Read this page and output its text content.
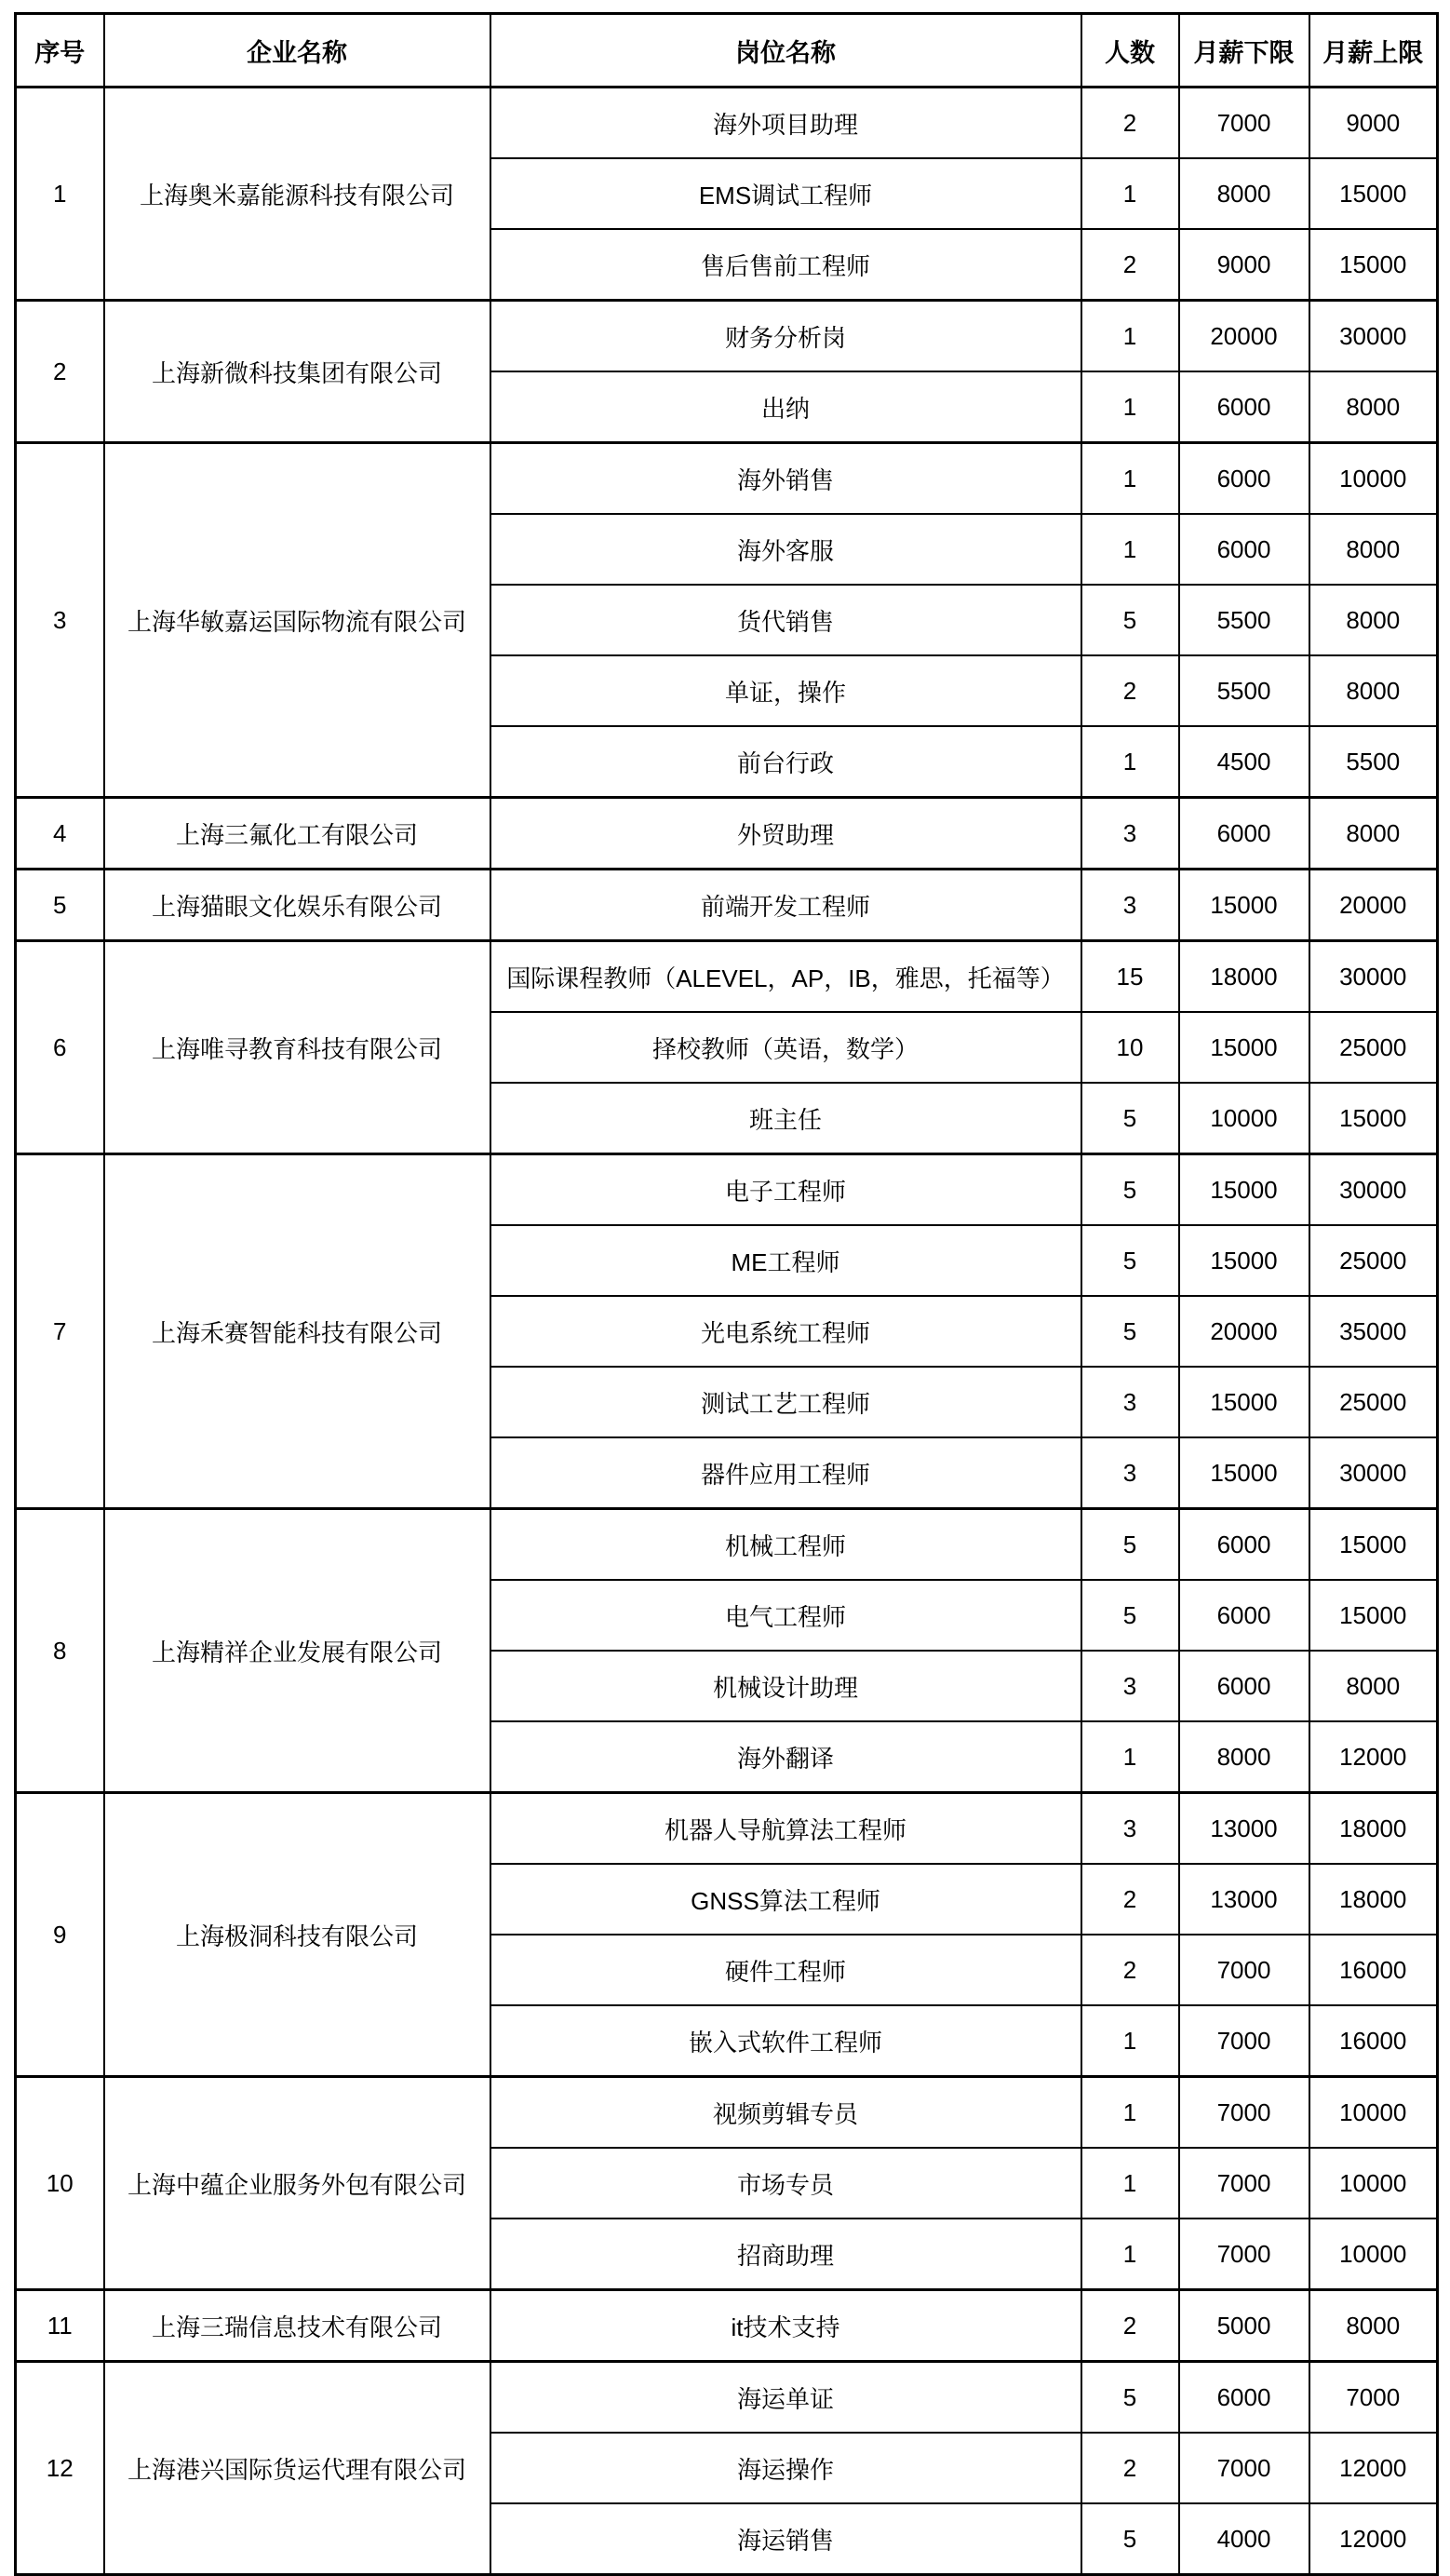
序号	企业名称	岗位名称	人数	月薪下限	月薪上限
1	上海奥米嘉能源科技有限公司	海外项目助理	2	7000	9000
		EMS调试工程师	1	8000	15000
		售后售前工程师	2	9000	15000
2	上海新微科技集团有限公司	财务分析岗	1	20000	30000
		出纳	1	6000	8000
3	上海华敏嘉运国际物流有限公司	海外销售	1	6000	10000
		海外客服	1	6000	8000
		货代销售	5	5500	8000
		单证，操作	2	5500	8000
		前台行政	1	4500	5500
4	上海三氟化工有限公司	外贸助理	3	6000	8000
5	上海猫眼文化娱乐有限公司	前端开发工程师	3	15000	20000
6	上海唯寻教育科技有限公司	国际课程教师（ALEVEL，AP，IB，雅思，托福等）	15	18000	30000
		择校教师（英语，数学）	10	15000	25000
		班主任	5	10000	15000
7	上海禾赛智能科技有限公司	电子工程师	5	15000	30000
		ME工程师	5	15000	25000
		光电系统工程师	5	20000	35000
		测试工艺工程师	3	15000	25000
		器件应用工程师	3	15000	30000
8	上海精祥企业发展有限公司	机械工程师	5	6000	15000
		电气工程师	5	6000	15000
		机械设计助理	3	6000	8000
		海外翻译	1	8000	12000
9	上海极洞科技有限公司	机器人导航算法工程师	3	13000	18000
		GNSS算法工程师	2	13000	18000
		硬件工程师	2	7000	16000
		嵌入式软件工程师	1	7000	16000
10	上海中蕴企业服务外包有限公司	视频剪辑专员	1	7000	10000
		市场专员	1	7000	10000
		招商助理	1	7000	10000
11	上海三瑞信息技术有限公司	it技术支持	2	5000	8000
12	上海港兴国际货运代理有限公司	海运单证	5	6000	7000
		海运操作	2	7000	12000
		海运销售	5	4000	12000
